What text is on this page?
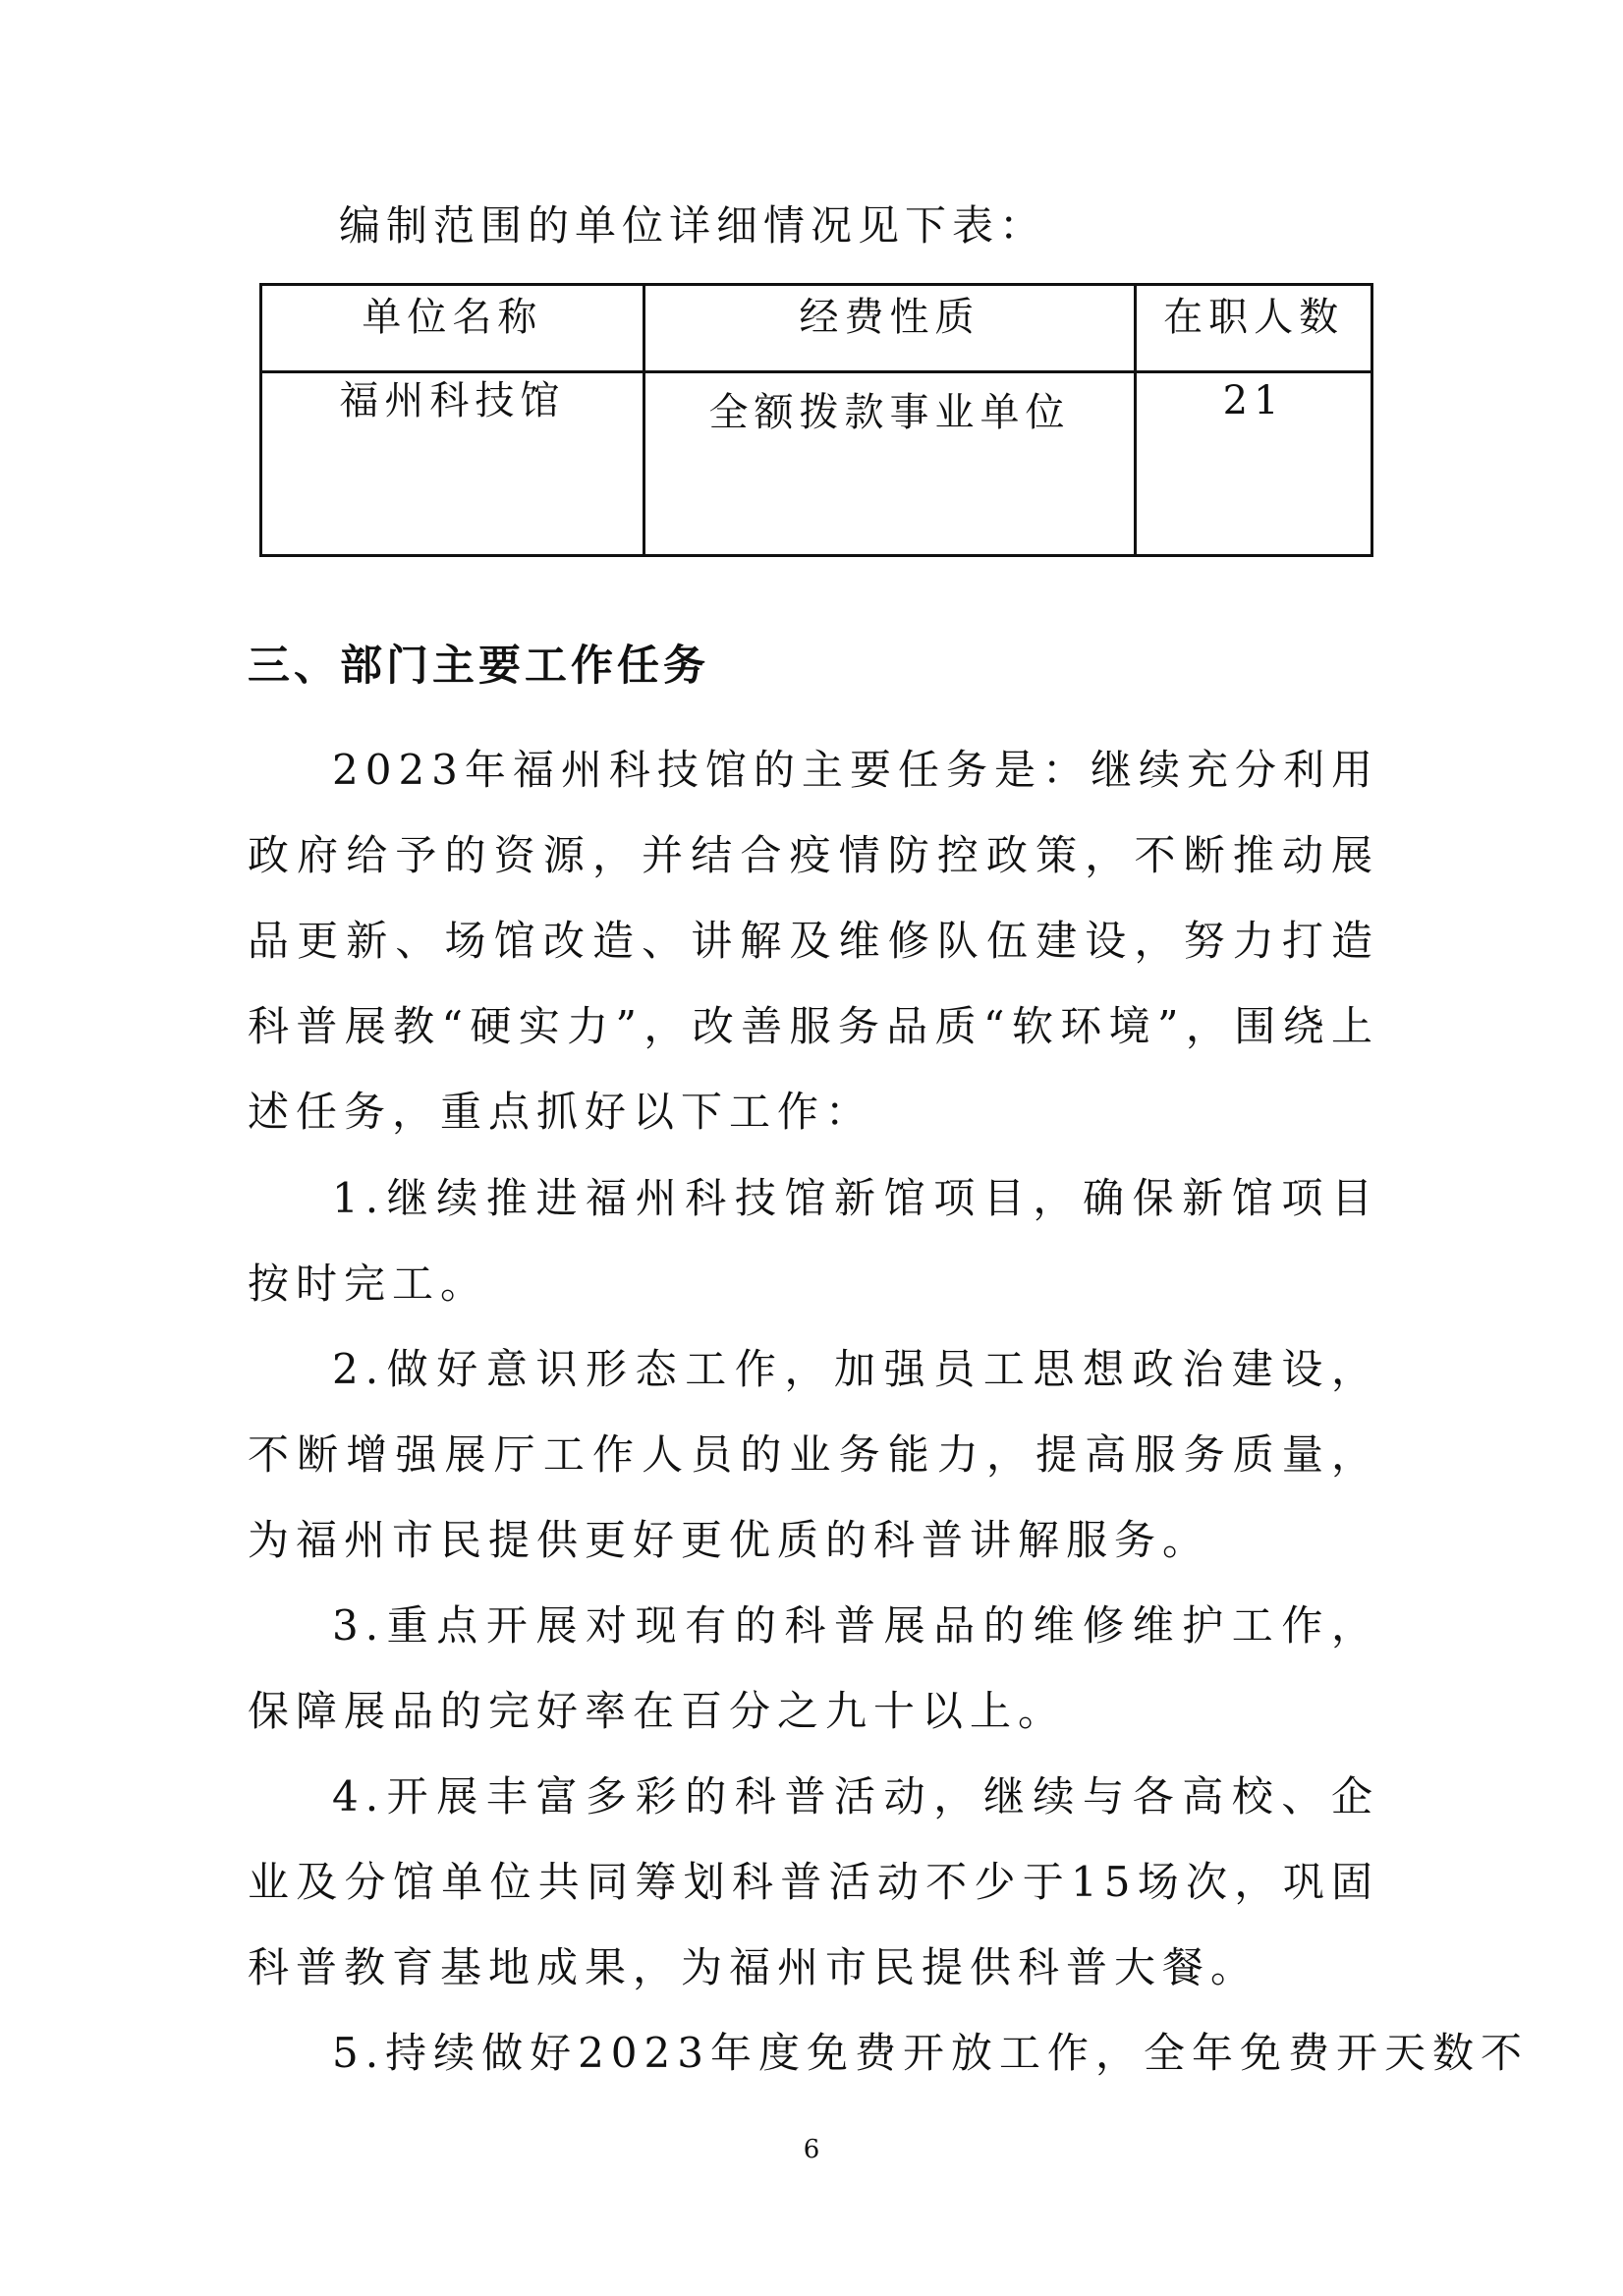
编制范围的单位详细情况见下表：
单位名称	经费性质	在职人数
福州科技馆	全额拨款事业单位	21
三、部门主要工作任务

2023年福州科技馆的主要任务是：继续充分利用政府给予的资源，并结合疫情防控政策，不断推动展品更新、场馆改造、讲解及维修队伍建设，努力打造科普展教“硬实力”，改善服务品质“软环境”，围绕上述任务，重点抓好以下工作：

1.继续推进福州科技馆新馆项目，确保新馆项目按时完工。

2.做好意识形态工作，加强员工思想政治建设，不断增强展厅工作人员的业务能力，提高服务质量，为福州市民提供更好更优质的科普讲解服务。

3.重点开展对现有的科普展品的维修维护工作，保障展品的完好率在百分之九十以上。

4.开展丰富多彩的科普活动，继续与各高校、企业及分馆单位共同筹划科普活动不少于15场次，巩固科普教育基地成果，为福州市民提供科普大餐。

5.持续做好2023年度免费开放工作，全年免费开天数不

6
